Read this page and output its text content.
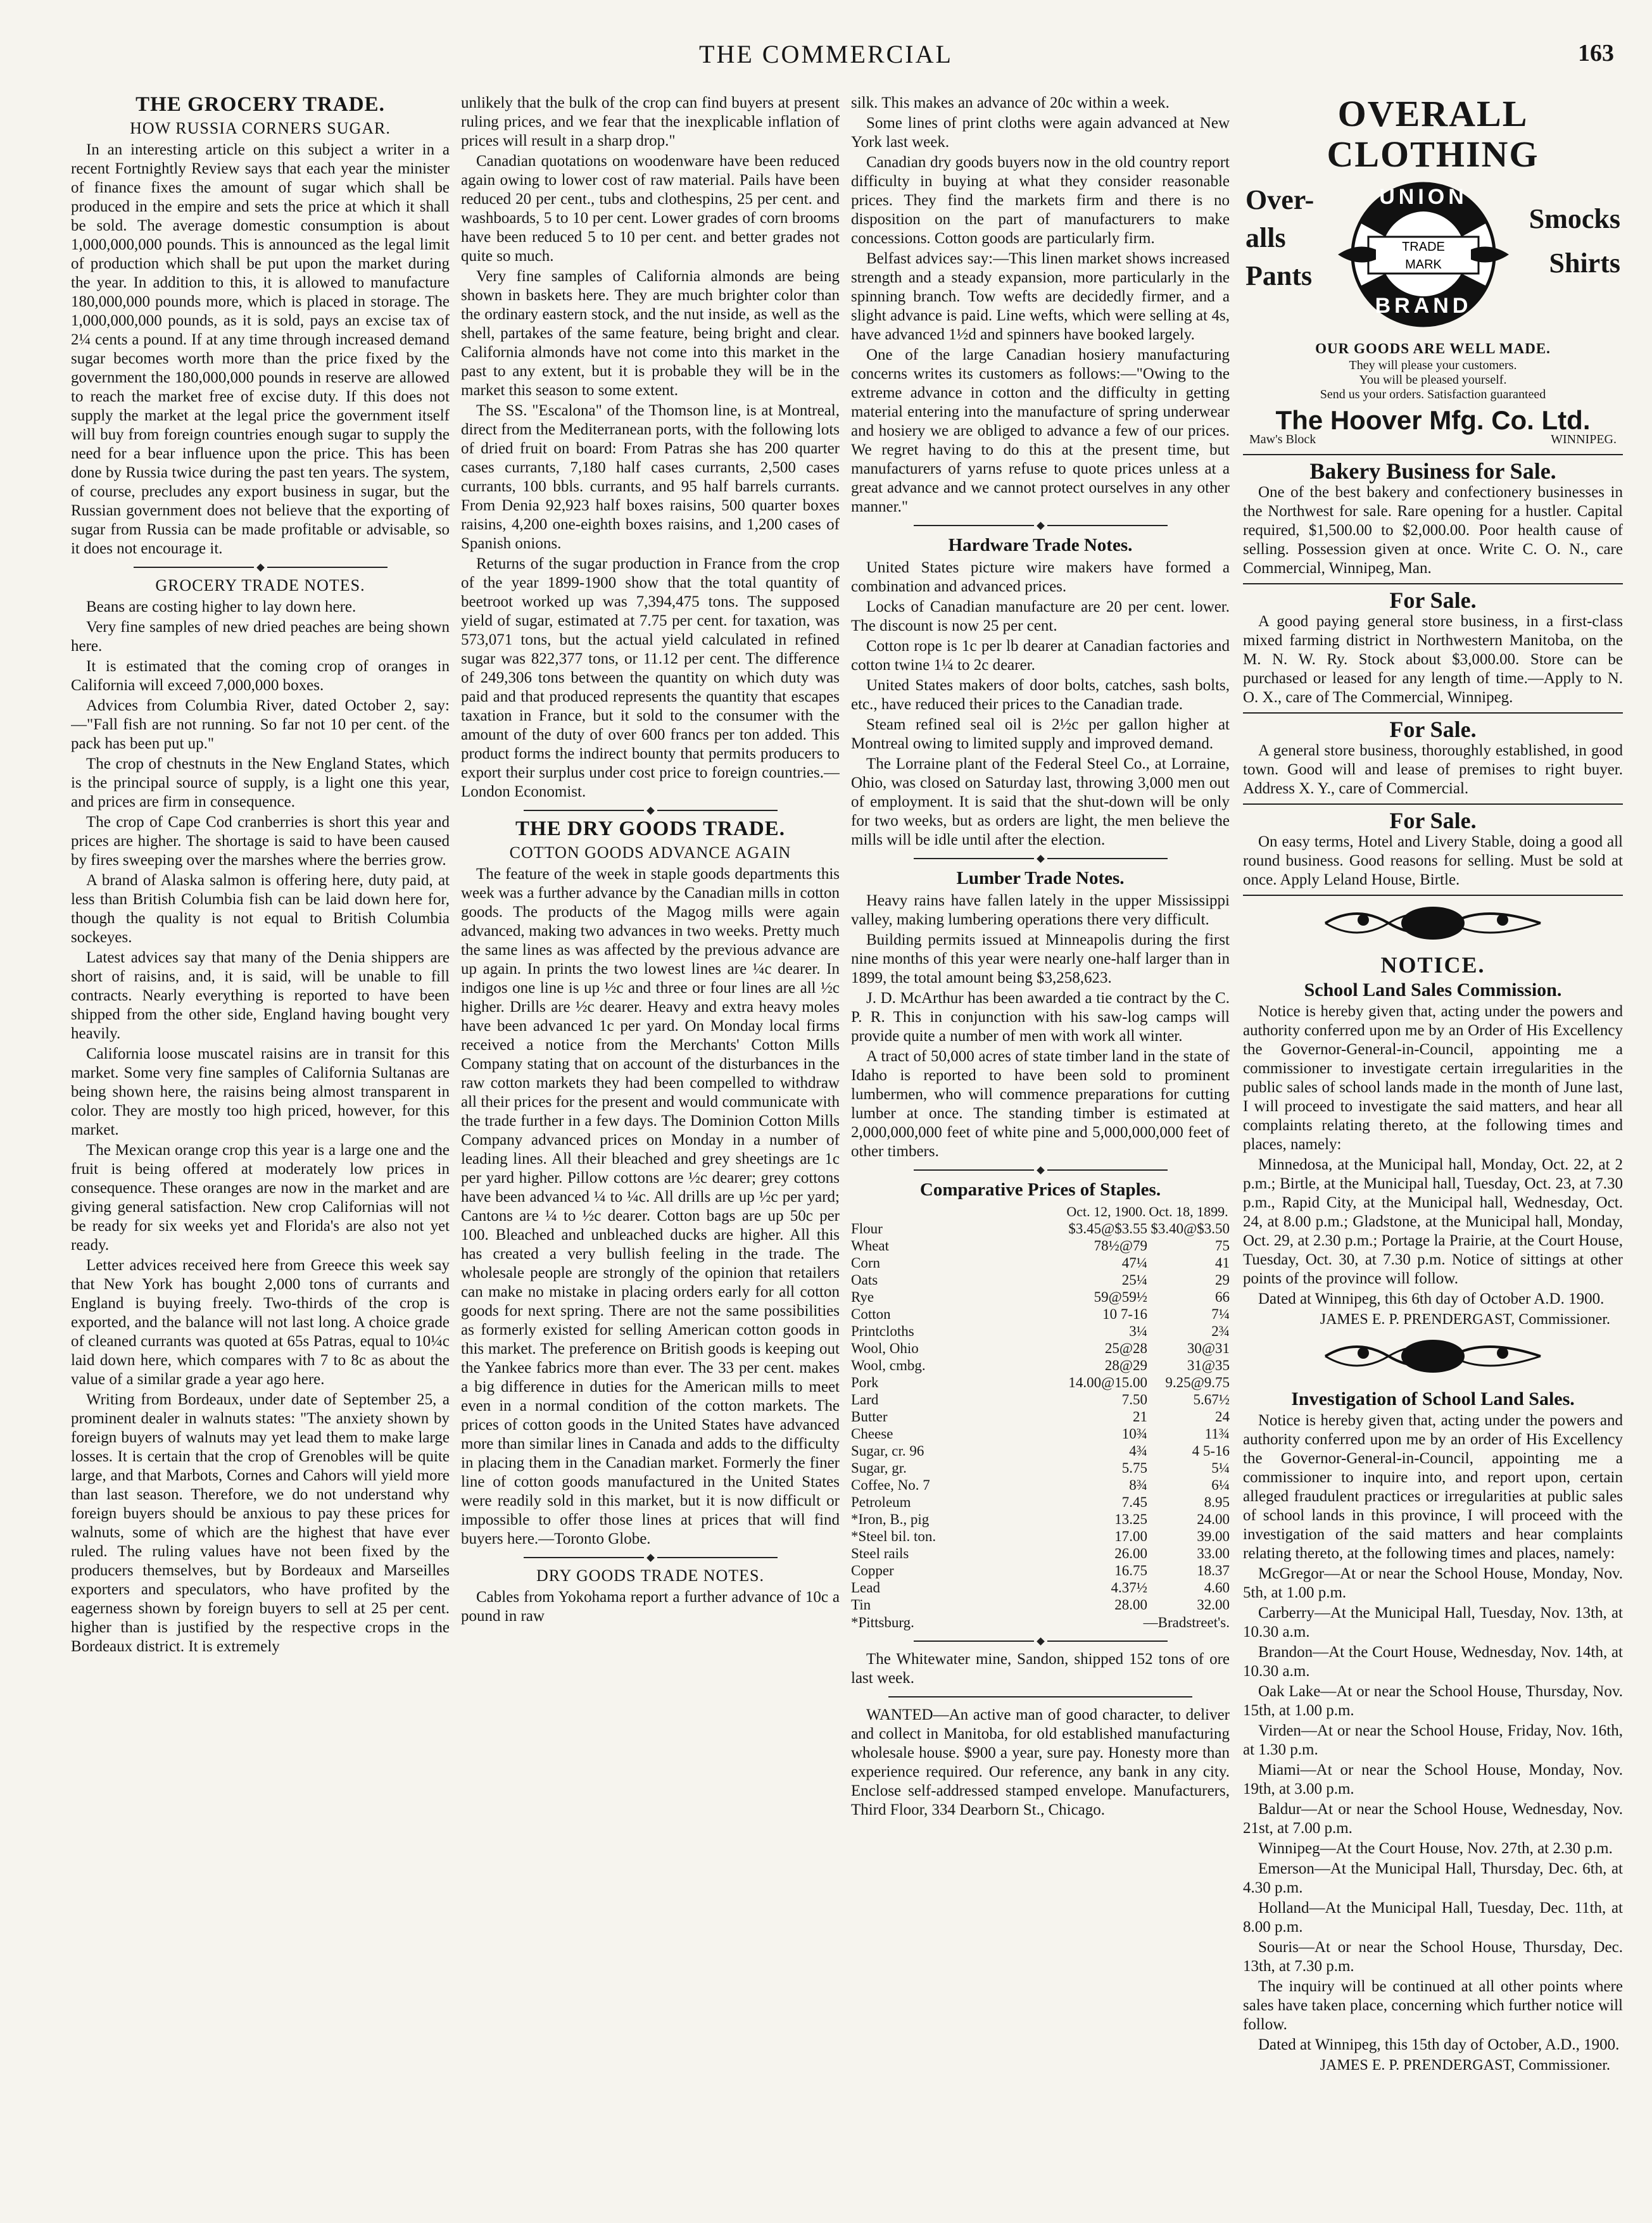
THE COMMERCIAL	163
THE GROCERY TRADE.
HOW RUSSIA CORNERS SUGAR.

In an interesting article on this subject a writer in a recent Fortnightly Review says that each year the minister of finance fixes the amount of sugar which shall be produced in the empire and sets the price at which it shall be sold. The average domestic consumption is about 1,000,000,000 pounds. This is announced as the legal limit of production which shall be put upon the market during the year. In addition to this, it is allowed to manufacture 180,000,000 pounds more, which is placed in storage. The 1,000,000,000 pounds, as it is sold, pays an excise tax of 2¼ cents a pound. If at any time through increased demand sugar becomes worth more than the price fixed by the government the 180,000,000 pounds in reserve are allowed to reach the market free of excise duty. If this does not supply the market at the legal price the government itself will buy from foreign countries enough sugar to supply the need for a bear influence upon the price. This has been done by Russia twice during the past ten years. The system, of course, precludes any export business in sugar, but the Russian government does not believe that the exporting of sugar from Russia can be made profitable or advisable, so it does not encourage it.

GROCERY TRADE NOTES.

Beans are costing higher to lay down here.

Very fine samples of new dried peaches are being shown here.

It is estimated that the coming crop of oranges in California will exceed 7,000,000 boxes.

Advices from Columbia River, dated October 2, say:—"Fall fish are not running. So far not 10 per cent. of the pack has been put up."

The crop of chestnuts in the New England States, which is the principal source of supply, is a light one this year, and prices are firm in consequence.

The crop of Cape Cod cranberries is short this year and prices are higher. The shortage is said to have been caused by fires sweeping over the marshes where the berries grow.

A brand of Alaska salmon is offering here, duty paid, at less than British Columbia fish can be laid down here for, though the quality is not equal to British Columbia sockeyes.

Latest advices say that many of the Denia shippers are short of raisins, and, it is said, will be unable to fill contracts. Nearly everything is reported to have been shipped from the other side, England having bought very heavily.

California loose muscatel raisins are in transit for this market. Some very fine samples of California Sultanas are being shown here, the raisins being almost transparent in color. They are mostly too high priced, however, for this market.

The Mexican orange crop this year is a large one and the fruit is being offered at moderately low prices in consequence. These oranges are now in the market and are giving general satisfaction. New crop Californias will not be ready for six weeks yet and Florida's are also not yet ready.

Letter advices received here from Greece this week say that New York has bought 2,000 tons of currants and England is buying freely. Two-thirds of the crop is exported, and the balance will not last long. A choice grade of cleaned currants was quoted at 65s Patras, equal to 10¼c laid down here, which compares with 7 to 8c as about the value of a similar grade a year ago here.

Writing from Bordeaux, under date of September 25, a prominent dealer in walnuts states: "The anxiety shown by foreign buyers of walnuts may yet lead them to make large losses. It is certain that the crop of Grenobles will be quite large, and that Marbots, Cornes and Cahors will yield more than last season. Therefore, we do not understand why foreign buyers should be anxious to pay these prices for walnuts, some of which are the highest that have ever ruled. The ruling values have not been fixed by the producers themselves, but by Bordeaux and Marseilles exporters and speculators, who have profited by the eagerness shown by foreign buyers to sell at 25 per cent. higher than is justified by the respective crops in the Bordeaux district. It is extremely

unlikely that the bulk of the crop can find buyers at present ruling prices, and we fear that the inexplicable inflation of prices will result in a sharp drop."

Canadian quotations on woodenware have been reduced again owing to lower cost of raw material. Pails have been reduced 20 per cent., tubs and clothespins, 25 per cent. and washboards, 5 to 10 per cent. Lower grades of corn brooms have been reduced 5 to 10 per cent. and better grades not quite so much.

Very fine samples of California almonds are being shown in baskets here. They are much brighter color than the ordinary eastern stock, and the nut inside, as well as the shell, partakes of the same feature, being bright and clear. California almonds have not come into this market in the past to any extent, but it is probable they will be in the market this season to some extent.

The SS. "Escalona" of the Thomson line, is at Montreal, direct from the Mediterranean ports, with the following lots of dried fruit on board: From Patras she has 200 quarter cases currants, 7,180 half cases currants, 2,500 cases currants, 100 bbls. currants, and 95 half barrels currants. From Denia 92,923 half boxes raisins, 500 quarter boxes raisins, 4,200 one-eighth boxes raisins, and 1,200 cases of Spanish onions.

Returns of the sugar production in France from the crop of the year 1899-1900 show that the total quantity of beetroot worked up was 7,394,475 tons. The supposed yield of sugar, estimated at 7.75 per cent. for taxation, was 573,071 tons, but the actual yield calculated in refined sugar was 822,377 tons, or 11.12 per cent. The difference of 249,306 tons between the quantity on which duty was paid and that produced represents the quantity that escapes taxation in France, but it sold to the consumer with the amount of the duty of over 600 francs per ton added. This product forms the indirect bounty that permits producers to export their surplus under cost price to foreign countries.—London Economist.

THE DRY GOODS TRADE.
COTTON GOODS ADVANCE AGAIN

The feature of the week in staple goods departments this week was a further advance by the Canadian mills in cotton goods. The products of the Magog mills were again advanced, making two advances in two weeks. Pretty much the same lines as was affected by the previous advance are up again. In prints the two lowest lines are ¼c dearer. In indigos one line is up ½c and three or four lines are all ½c higher. Drills are ½c dearer. Heavy and extra heavy moles have been advanced 1c per yard. On Monday local firms received a notice from the Merchants' Cotton Mills Company stating that on account of the disturbances in the raw cotton markets they had been compelled to withdraw all their prices for the present and would communicate with the trade further in a few days. The Dominion Cotton Mills Company advanced prices on Monday in a number of leading lines. All their bleached and grey sheetings are 1c per yard higher. Pillow cottons are ½c dearer; grey cottons have been advanced ¼ to ¼c. All drills are up ½c per yard; Cantons are ¼ to ½c dearer. Cotton bags are up 50c per 100. Bleached and unbleached ducks are higher. All this has created a very bullish feeling in the trade. The wholesale people are strongly of the opinion that retailers can make no mistake in placing orders early for all cotton goods for next spring. There are not the same possibilities as formerly existed for selling American cotton goods in this market. The preference on British goods is keeping out the Yankee fabrics more than ever. The 33 per cent. makes a big difference in duties for the American mills to meet even in a normal condition of the cotton markets. The prices of cotton goods in the United States have advanced more than similar lines in Canada and adds to the difficulty in placing them in the Canadian market. Formerly the finer line of cotton goods manufactured in the United States were readily sold in this market, but it is now difficult or impossible to offer those lines at prices that will find buyers here.—Toronto Globe.

DRY GOODS TRADE NOTES.

Cables from Yokohama report a further advance of 10c a pound in raw

silk. This makes an advance of 20c within a week.

Some lines of print cloths were again advanced at New York last week.

Canadian dry goods buyers now in the old country report difficulty in buying at what they consider reasonable prices. They find the markets firm and there is no disposition on the part of manufacturers to make concessions. Cotton goods are particularly firm.

Belfast advices say:—This linen market shows increased strength and a steady expansion, more particularly in the spinning branch. Tow wefts are decidedly firmer, and a slight advance is paid. Line wefts, which were selling at 4s, have advanced 1½d and spinners have booked largely.

One of the large Canadian hosiery manufacturing concerns writes its customers as follows:—"Owing to the extreme advance in cotton and the difficulty in getting material entering into the manufacture of spring underwear and hosiery we are obliged to advance a few of our prices. We regret having to do this at the present time, but manufacturers of yarns refuse to quote prices unless at a great advance and we cannot protect ourselves in any other manner."

Hardware Trade Notes.

United States picture wire makers have formed a combination and advanced prices.

Locks of Canadian manufacture are 20 per cent. lower. The discount is now 25 per cent.

Cotton rope is 1c per lb dearer at Canadian factories and cotton twine 1¼ to 2c dearer.

United States makers of door bolts, catches, sash bolts, etc., have reduced their prices to the Canadian trade.

Steam refined seal oil is 2½c per gallon higher at Montreal owing to limited supply and improved demand.

The Lorraine plant of the Federal Steel Co., at Lorraine, Ohio, was closed on Saturday last, throwing 3,000 men out of employment. It is said that the shut-down will be only for two weeks, but as orders are light, the men believe the mills will be idle until after the election.

Lumber Trade Notes.

Heavy rains have fallen lately in the upper Mississippi valley, making lumbering operations there very difficult.

Building permits issued at Minneapolis during the first nine months of this year were nearly one-half larger than in 1899, the total amount being $3,258,623.

J. D. McArthur has been awarded a tie contract by the C. P. R. This in conjunction with his saw-log camps will provide quite a number of men with work all winter.

A tract of 50,000 acres of state timber land in the state of Idaho is reported to have been sold to prominent lumbermen, who will commence preparations for cutting lumber at once. The standing timber is estimated at 2,000,000,000 feet of white pine and 5,000,000,000 feet of other timbers.

Comparative Prices of Staples.
	Oct. 12, 1900.	Oct. 18, 1899.
Flour	$3.45@$3.55	$3.40@$3.50
Wheat	78½@79	75
Corn	47¼	41
Oats	25¼	29
Rye	59@59½	66
Cotton	10 7-16	7¼
Printcloths	3¼	2¾
Wool, Ohio	25@28	30@31
Wool, cmbg.	28@29	31@35
Pork	14.00@15.00	9.25@9.75
Lard	7.50	5.67½
Butter	21	24
Cheese	10¾	11¾
Sugar, cr. 96	4¾	4 5-16
Sugar, gr.	5.75	5¼
Coffee, No. 7	8¾	6¼
Petroleum	7.45	8.95
*Iron, B., pig	13.25	24.00
*Steel bil. ton.	17.00	39.00
Steel rails	26.00	33.00
Copper	16.75	18.37
Lead	4.37½	4.60
Tin	28.00	32.00
*Pittsburg.	—Bradstreet's.

The Whitewater mine, Sandon, shipped 152 tons of ore last week.

WANTED—An active man of good character, to deliver and collect in Manitoba, for old established manufacturing wholesale house. $900 a year, sure pay. Honesty more than experience required. Our reference, any bank in any city. Enclose self-addressed stamped envelope. Manufacturers, Third Floor, 334 Dearborn St., Chicago.

OVERALL CLOTHING
Over-
alls
Pants
Smocks
Shirts
UNION
BRAND
TRADE
MARK
OUR GOODS ARE WELL MADE.
They will please your customers.
You will be pleased yourself.
Send us your orders. Satisfaction guaranteed
The Hoover Mfg. Co. Ltd.
Maw's Block	WINNIPEG.
Bakery Business for Sale.

One of the best bakery and confectionery businesses in the Northwest for sale. Rare opening for a hustler. Capital required, $1,500.00 to $2,000.00. Poor health cause of selling. Possession given at once. Write C. O. N., care Commercial, Winnipeg, Man.

For Sale.

A good paying general store business, in a first-class mixed farming district in Northwestern Manitoba, on the M. N. W. Ry. Stock about $3,000.00. Store can be purchased or leased for any length of time.—Apply to N. O. X., care of The Commercial, Winnipeg.

For Sale.

A general store business, thoroughly established, in good town. Good will and lease of premises to right buyer. Address X. Y., care of Commercial.

For Sale.

On easy terms, Hotel and Livery Stable, doing a good all round business. Good reasons for selling. Must be sold at once. Apply Leland House, Birtle.

NOTICE.
School Land Sales Commission.

Notice is hereby given that, acting under the powers and authority conferred upon me by an Order of His Excellency the Governor-General-in-Council, appointing me a commissioner to investigate certain irregularities in the public sales of school lands made in the month of June last, I will proceed to investigate the said matters, and hear all complaints relating thereto, at the following times and places, namely:

Minnedosa, at the Municipal hall, Monday, Oct. 22, at 2 p.m.; Birtle, at the Municipal hall, Tuesday, Oct. 23, at 7.30 p.m., Rapid City, at the Municipal hall, Wednesday, Oct. 24, at 8.00 p.m.; Gladstone, at the Municipal hall, Monday, Oct. 29, at 2.30 p.m.; Portage la Prairie, at the Court House, Tuesday, Oct. 30, at 7.30 p.m. Notice of sittings at other points of the province will follow.

Dated at Winnipeg, this 6th day of October A.D. 1900.

JAMES E. P. PRENDERGAST, Commissioner.
Investigation of School Land Sales.

Notice is hereby given that, acting under the powers and authority conferred upon me by an order of His Excellency the Governor-General-in-Council, appointing me a commissioner to inquire into, and report upon, certain alleged fraudulent practices or irregularities at public sales of school lands in this province, I will proceed with the investigation of the said matters and hear complaints relating thereto, at the following times and places, namely:

McGregor—At or near the School House, Monday, Nov. 5th, at 1.00 p.m.

Carberry—At the Municipal Hall, Tuesday, Nov. 13th, at 10.30 a.m.

Brandon—At the Court House, Wednesday, Nov. 14th, at 10.30 a.m.

Oak Lake—At or near the School House, Thursday, Nov. 15th, at 1.00 p.m.

Virden—At or near the School House, Friday, Nov. 16th, at 1.30 p.m.

Miami—At or near the School House, Monday, Nov. 19th, at 3.00 p.m.

Baldur—At or near the School House, Wednesday, Nov. 21st, at 7.00 p.m.

Winnipeg—At the Court House, Nov. 27th, at 2.30 p.m.

Emerson—At the Municipal Hall, Thursday, Dec. 6th, at 4.30 p.m.

Holland—At the Municipal Hall, Tuesday, Dec. 11th, at 8.00 p.m.

Souris—At or near the School House, Thursday, Dec. 13th, at 7.30 p.m.

The inquiry will be continued at all other points where sales have taken place, concerning which further notice will follow.

Dated at Winnipeg, this 15th day of October, A.D., 1900.

JAMES E. P. PRENDERGAST, Commissioner.
